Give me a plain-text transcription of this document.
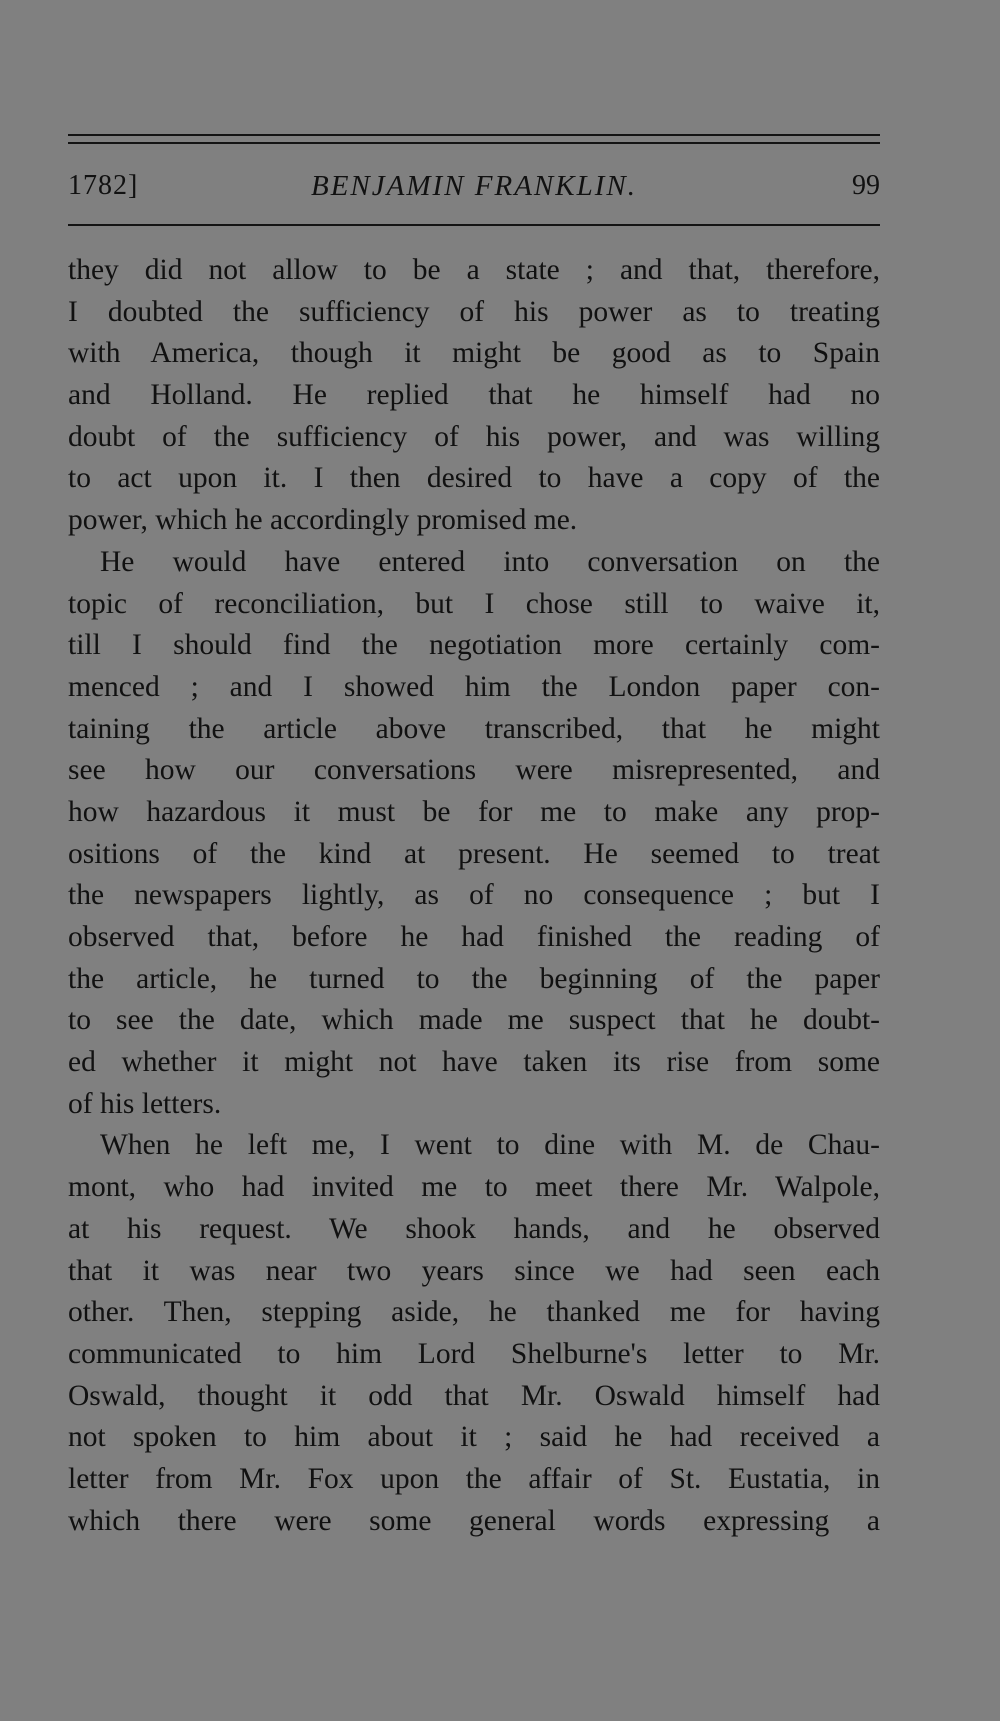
1782]	BENJAMIN FRANKLIN.	99
they did not allow to be a state ; and that, therefore,
I doubted the sufficiency of his power as to treating
with America, though it might be good as to Spain
and Holland. He replied that he himself had no
doubt of the sufficiency of his power, and was willing
to act upon it. I then desired to have a copy of the
power, which he accordingly promised me.
He would have entered into conversation on the
topic of reconciliation, but I chose still to waive it,
till I should find the negotiation more certainly com-
menced ; and I showed him the London paper con-
taining the article above transcribed, that he might
see how our conversations were misrepresented, and
how hazardous it must be for me to make any prop-
ositions of the kind at present. He seemed to treat
the newspapers lightly, as of no consequence ; but I
observed that, before he had finished the reading of
the article, he turned to the beginning of the paper
to see the date, which made me suspect that he doubt-
ed whether it might not have taken its rise from some
of his letters.
When he left me, I went to dine with M. de Chau-
mont, who had invited me to meet there Mr. Walpole,
at his request. We shook hands, and he observed
that it was near two years since we had seen each
other. Then, stepping aside, he thanked me for having
communicated to him Lord Shelburne's letter to Mr.
Oswald, thought it odd that Mr. Oswald himself had
not spoken to him about it ; said he had received a
letter from Mr. Fox upon the affair of St. Eustatia, in
which there were some general words expressing a
